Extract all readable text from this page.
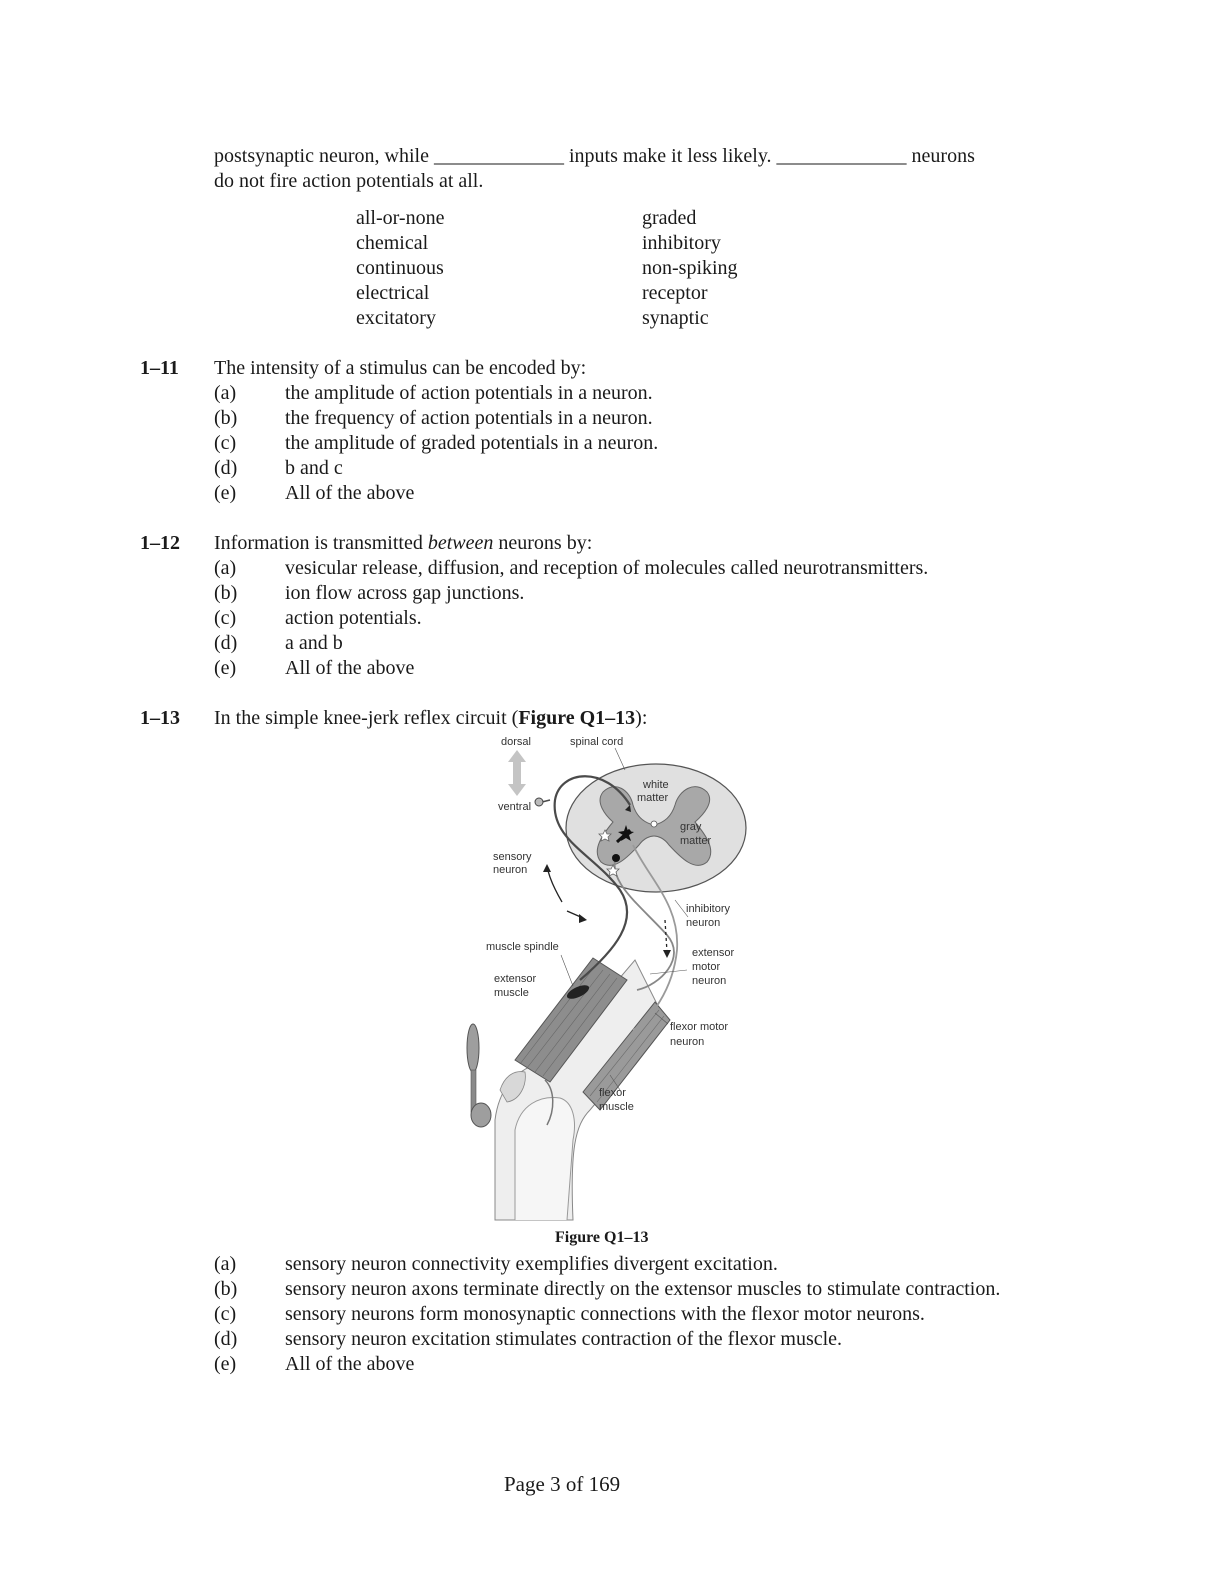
postsynaptic neuron, while _____________ inputs make it less likely. _____________ neurons
do not fire action potentials at all.
all-or-none
chemical
continuous
electrical
excitatory
graded
inhibitory
non-spiking
receptor
synaptic
1–11 The intensity of a stimulus can be encoded by:
(a) the amplitude of action potentials in a neuron.
(b) the frequency of action potentials in a neuron.
(c) the amplitude of graded potentials in a neuron.
(d) b and c
(e) All of the above
1–12 Information is transmitted between neurons by:
(a) vesicular release, diffusion, and reception of molecules called neurotransmitters.
(b) ion flow across gap junctions.
(c) action potentials.
(d) a and b
(e) All of the above
1–13 In the simple knee-jerk reflex circuit (Figure Q1–13):
dorsal	spinal cord
ventral
white
matter
gray
matter
sensory
neuron
inhibitory
neuron
muscle spindle	extensor
motor
neuron
extensor
muscle
flexor motor
neuron
flexor
muscle
Figure Q1–13
(a) sensory neuron connectivity exemplifies divergent excitation.
(b) sensory neuron axons terminate directly on the extensor muscles to stimulate contraction.
(c) sensory neurons form monosynaptic connections with the flexor motor neurons.
(d) sensory neuron excitation stimulates contraction of the flexor muscle.
(e) All of the above
Page 3 of 169
